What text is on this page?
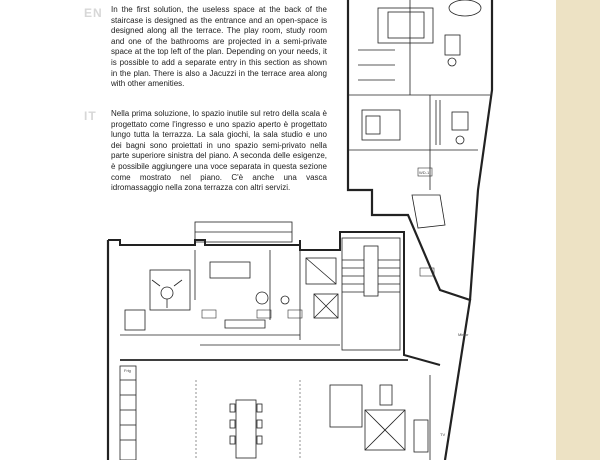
EN In the first solution, the useless space at the back of the staircase is designed as the entrance and an open-space is designed along all the terrace. The play room, study room and one of the bathrooms are projected in a semi-private space at the top left of the plan. Depending on your needs, it is possible to add a separate entry in this section as shown in the plan. There is also a Jacuzzi in the terrace area along with other amenities.
IT Nella prima soluzione, lo spazio inutile sul retro della scala è progettato come l'ingresso e uno spazio aperto è progettato lungo tutta la terrazza. La sala giochi, la sala studio e uno dei bagni sono proiettati in uno spazio semi-privato nella parte superiore sinistra del piano. A seconda delle esigenze, è possibile aggiungere una voce separata in questa sezione come mostrato nel piano. C'è anche una vasca idromassaggio nella zona terrazza con altri servizi.
Frig
TV
Mirror
WD-1
